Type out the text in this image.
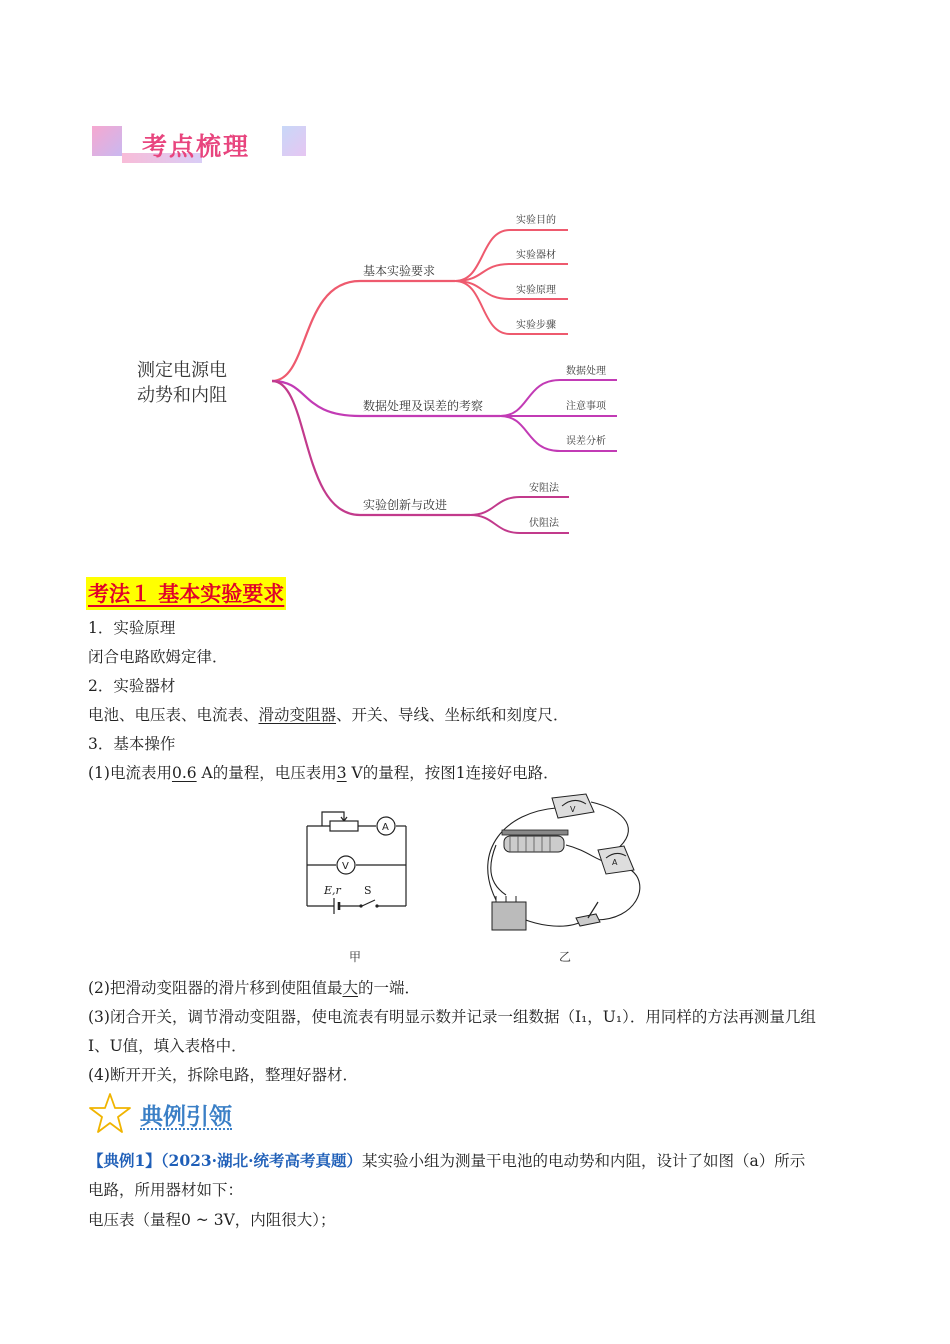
考点梳理
测定电源电
动势和内阻
基本实验要求
实验目的
实验器材
实验原理
实验步骤
数据处理及误差的考察
数据处理
注意事项
误差分析
实验创新与改进
安阻法
伏阻法
考法１ 基本实验要求
1．实验原理
闭合电路欧姆定律．
2．实验器材
电池、电压表、电流表、滑动变阻器、开关、导线、坐标纸和刻度尺．
3．基本操作
(1)电流表用0.6 A的量程，电压表用3 V的量程，按图1连接好电路．
A
V
E,r S
甲
V
A
乙
(2)把滑动变阻器的滑片移到使阻值最大的一端．
(3)闭合开关，调节滑动变阻器，使电流表有明显示数并记录一组数据（I₁，U₁）．用同样的方法再测量几组
I、U值，填入表格中．
(4)断开开关，拆除电路，整理好器材．
典例引领
【典例1】（2023·湖北·统考高考真题）某实验小组为测量干电池的电动势和内阻，设计了如图（a）所示
电路，所用器材如下：
电压表（量程0 ~ 3V，内阻很大）；
